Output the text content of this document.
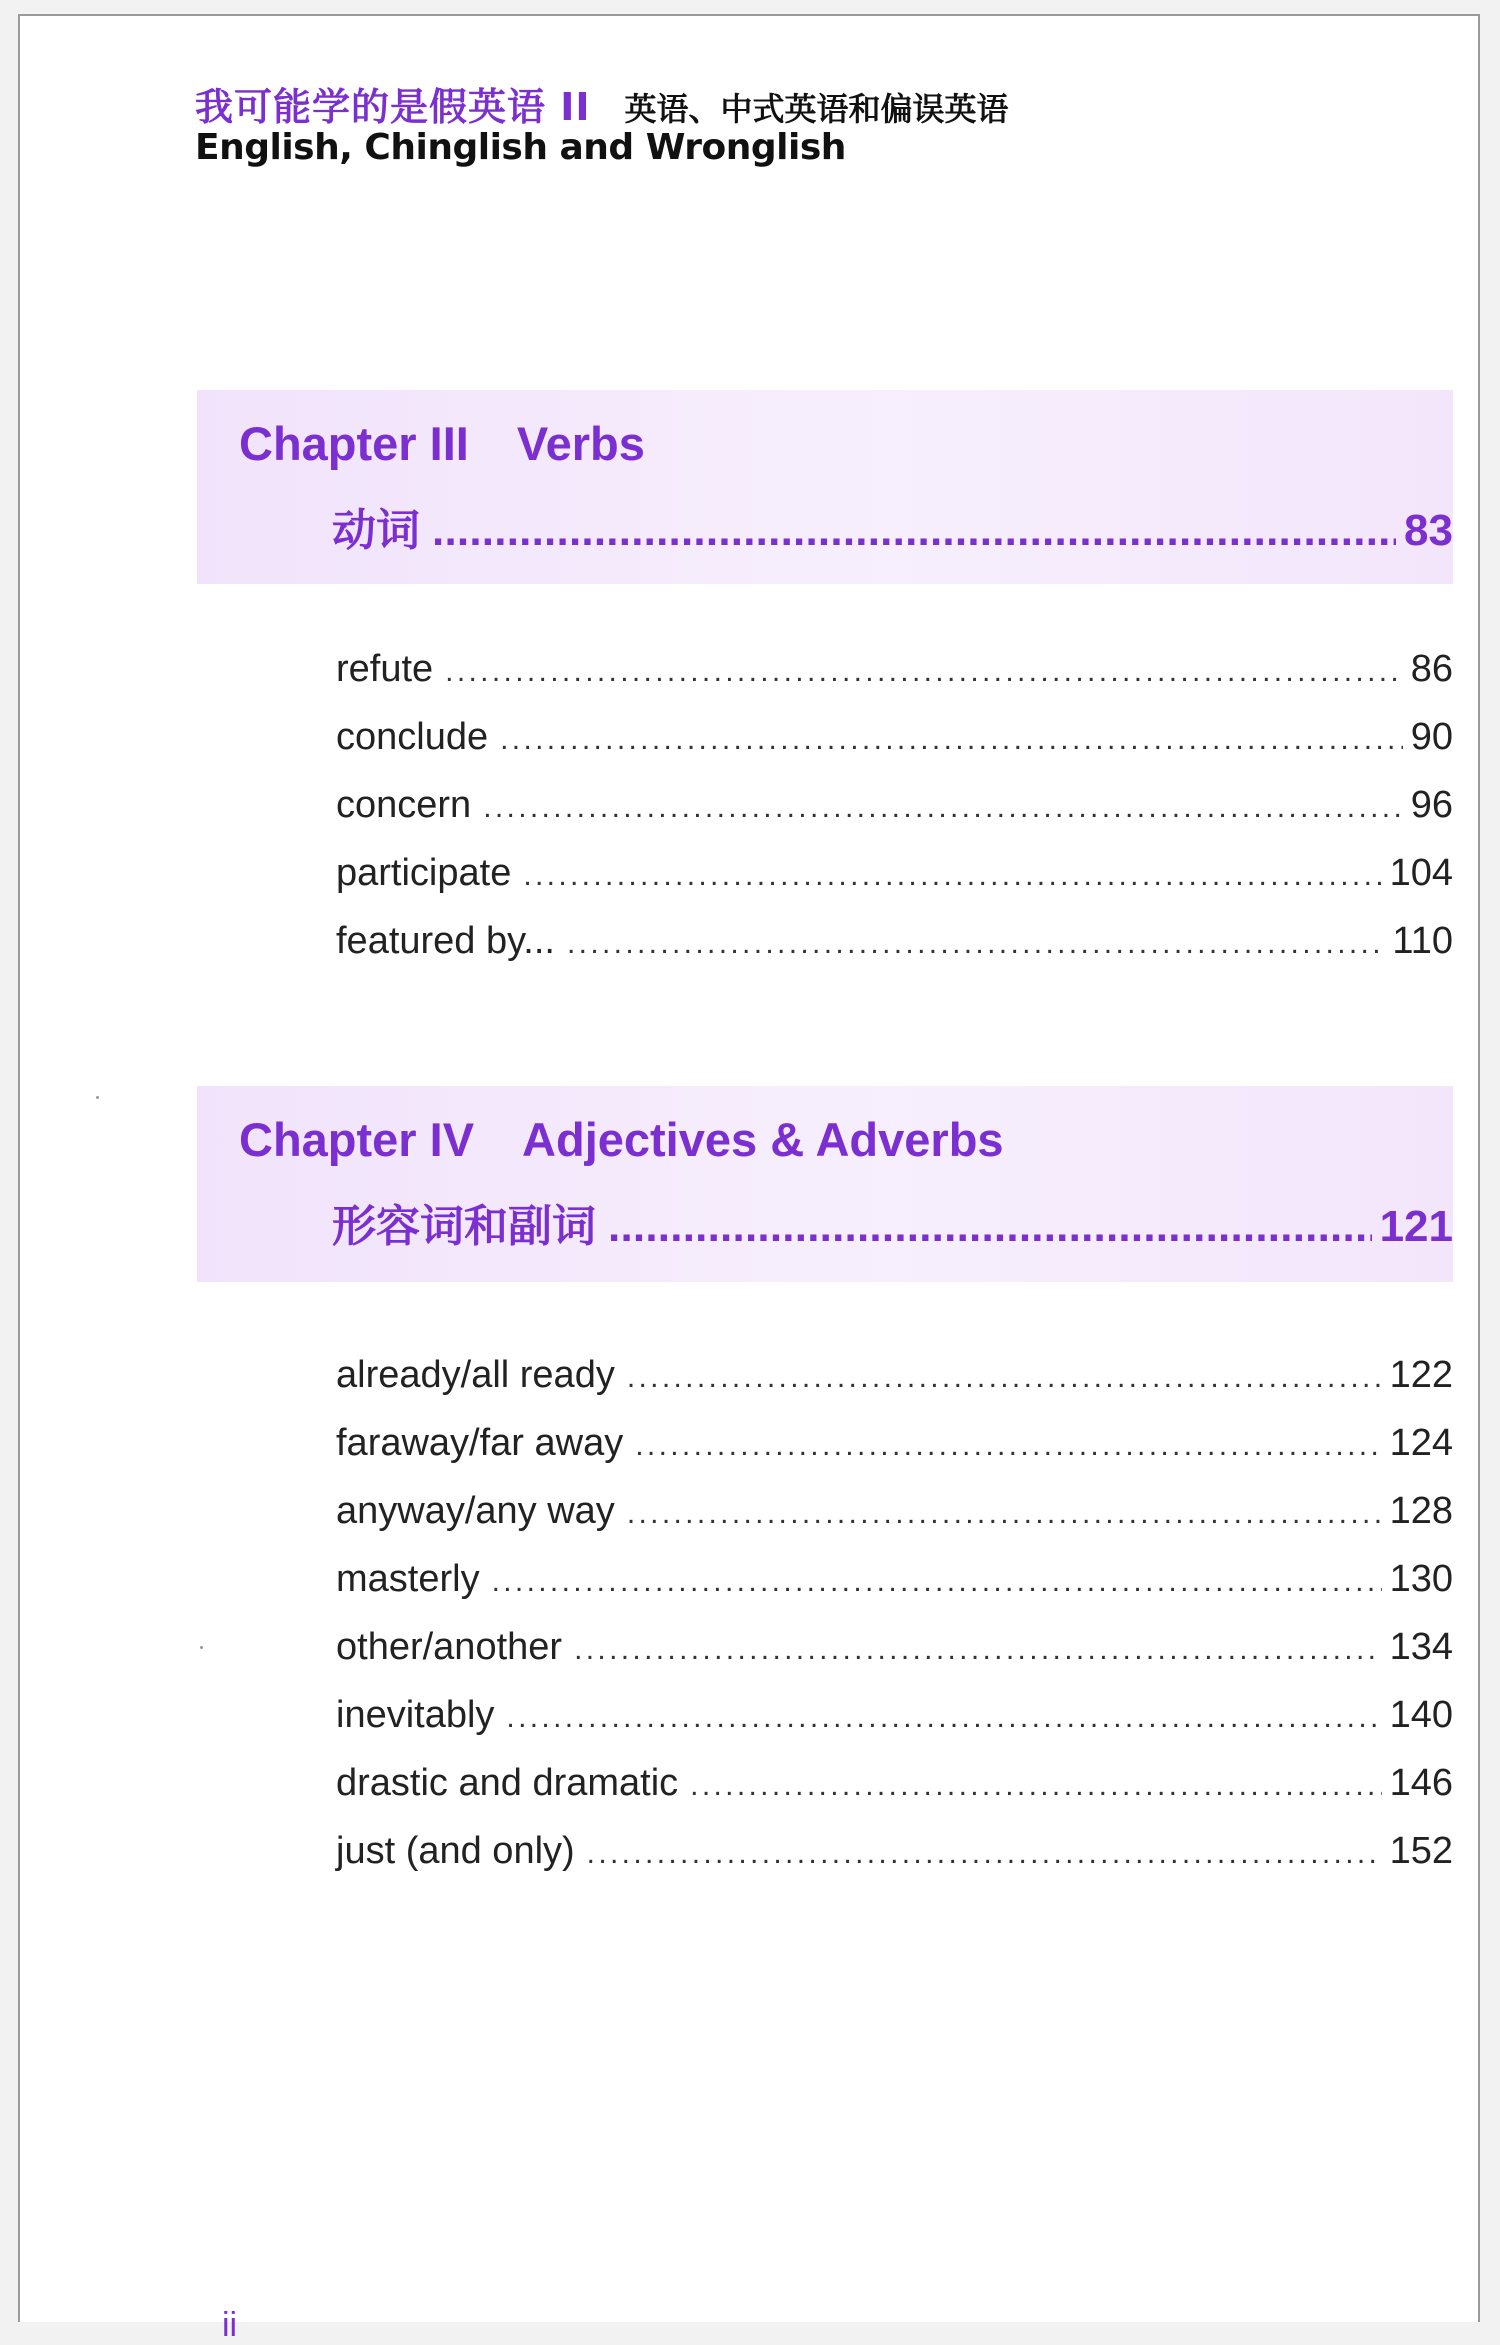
我可能学的是假英语 II 英语、中式英语和偏误英语
English, Chinglish and Wronglish
Chapter III Verbs
动词 . . .	83
refute . . .	86
conclude . . .	90
concern . . .	96
participate . . .	104
featured by... . . .	110
Chapter IV Adjectives & Adverbs
形容词和副词 . . .	121
already/all ready . . .	122
faraway/far away . . .	124
anyway/any way . . .	128
masterly . . .	130
other/another . . .	134
inevitably . . .	140
drastic and dramatic . . .	146
just (and only) . . .	152
ii
